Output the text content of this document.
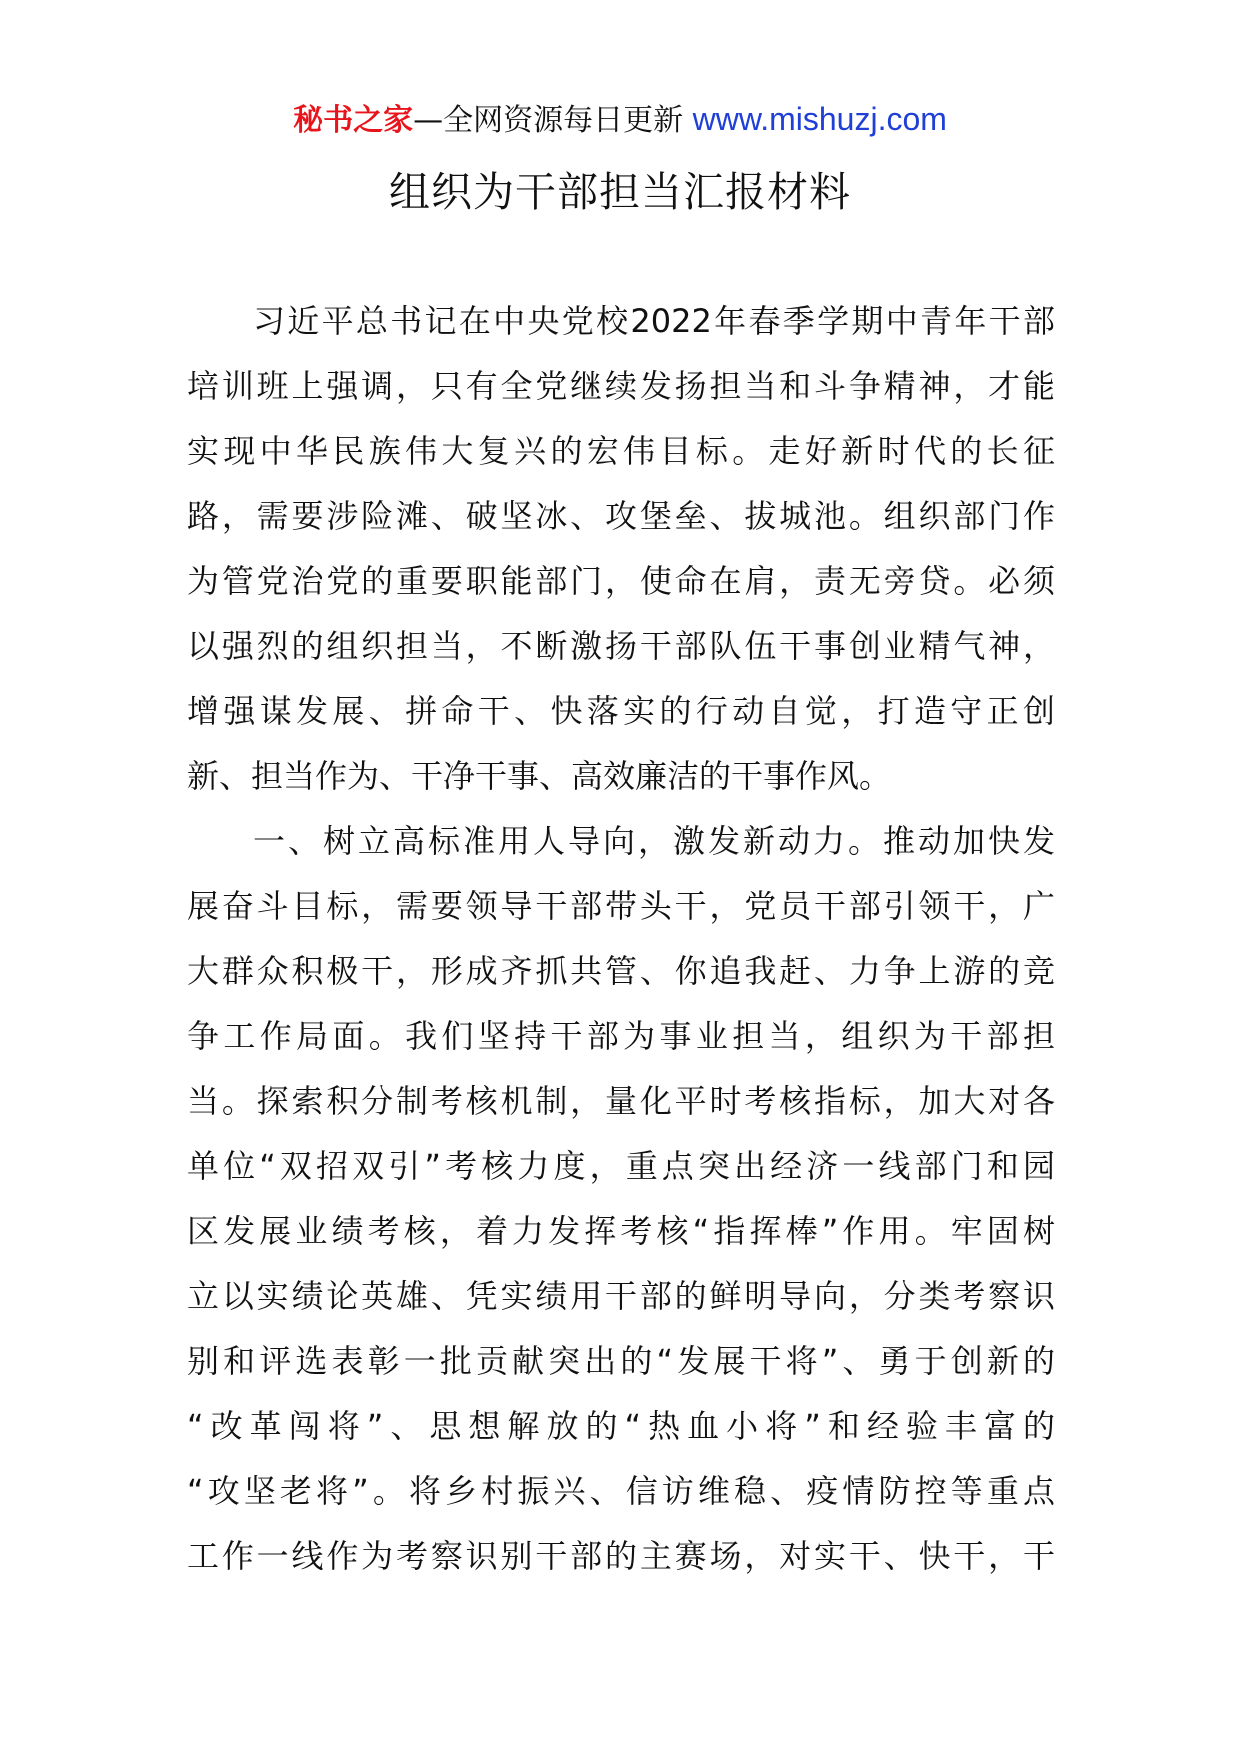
秘书之家—全网资源每日更新 www.mishuzj.com
组织为干部担当汇报材料
习近平总书记在中央党校2022年春季学期中青年干部
培训班上强调，只有全党继续发扬担当和斗争精神，才能
实现中华民族伟大复兴的宏伟目标。走好新时代的长征
路，需要涉险滩、破坚冰、攻堡垒、拔城池。组织部门作
为管党治党的重要职能部门，使命在肩，责无旁贷。必须
以强烈的组织担当，不断激扬干部队伍干事创业精气神，
增强谋发展、拼命干、快落实的行动自觉，打造守正创
新、担当作为、干净干事、高效廉洁的干事作风。
一、树立高标准用人导向，激发新动力。推动加快发
展奋斗目标，需要领导干部带头干，党员干部引领干，广
大群众积极干，形成齐抓共管、你追我赶、力争上游的竞
争工作局面。我们坚持干部为事业担当，组织为干部担
当。探索积分制考核机制，量化平时考核指标，加大对各
单位“双招双引”考核力度，重点突出经济一线部门和园
区发展业绩考核，着力发挥考核“指挥棒”作用。牢固树
立以实绩论英雄、凭实绩用干部的鲜明导向，分类考察识
别和评选表彰一批贡献突出的“发展干将”、勇于创新的
“改革闯将”、思想解放的“热血小将”和经验丰富的
“攻坚老将”。将乡村振兴、信访维稳、疫情防控等重点
工作一线作为考察识别干部的主赛场，对实干、快干，干
